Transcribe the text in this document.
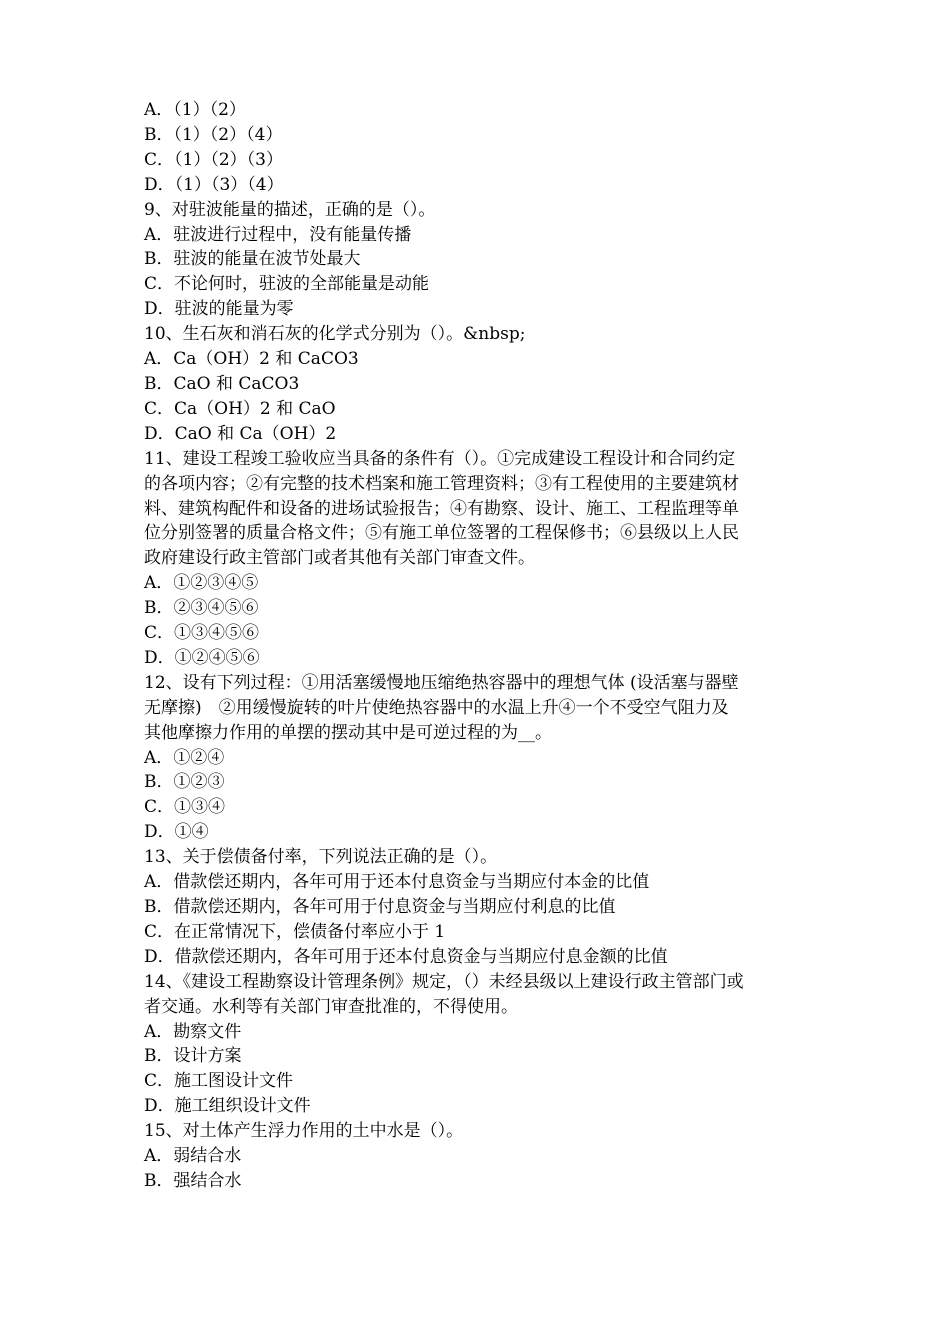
A．（1）（2）
B．（1）（2）（4）
C．（1）（2）（3）
D．（1）（3）（4）
9、对驻波能量的描述，正确的是（）。
A．驻波进行过程中，没有能量传播
B．驻波的能量在波节处最大
C．不论何时，驻波的全部能量是动能
D．驻波的能量为零
10、生石灰和消石灰的化学式分别为（）。&nbsp;
A．Ca（OH）2 和 CaCO3
B．CaO 和 CaCO3
C．Ca（OH）2 和 CaO
D．CaO 和 Ca（OH）2
11、建设工程竣工验收应当具备的条件有（）。①完成建设工程设计和合同约定
的各项内容；②有完整的技术档案和施工管理资料；③有工程使用的主要建筑材
料、建筑构配件和设备的进场试验报告；④有勘察、设计、施工、工程监理等单
位分别签署的质量合格文件；⑤有施工单位签署的工程保修书；⑥县级以上人民
政府建设行政主管部门或者其他有关部门审查文件。
A．①②③④⑤
B．②③④⑤⑥
C．①③④⑤⑥
D．①②④⑤⑥
12、设有下列过程：①用活塞缓慢地压缩绝热容器中的理想气体 (设活塞与器壁
无摩擦)　②用缓慢旋转的叶片使绝热容器中的水温上升④一个不受空气阻力及
其他摩擦力作用的单摆的摆动其中是可逆过程的为__。
A．①②④
B．①②③
C．①③④
D．①④
13、关于偿债备付率，下列说法正确的是（）。
A．借款偿还期内，各年可用于还本付息资金与当期应付本金的比值
B．借款偿还期内，各年可用于付息资金与当期应付利息的比值
C．在正常情况下，偿债备付率应小于 1
D．借款偿还期内，各年可用于还本付息资金与当期应付息金额的比值
14、《建设工程勘察设计管理条例》规定，（）未经县级以上建设行政主管部门或
者交通。水利等有关部门审查批准的，不得使用。
A．勘察文件
B．设计方案
C．施工图设计文件
D．施工组织设计文件
15、对土体产生浮力作用的土中水是（）。
A．弱结合水
B．强结合水
